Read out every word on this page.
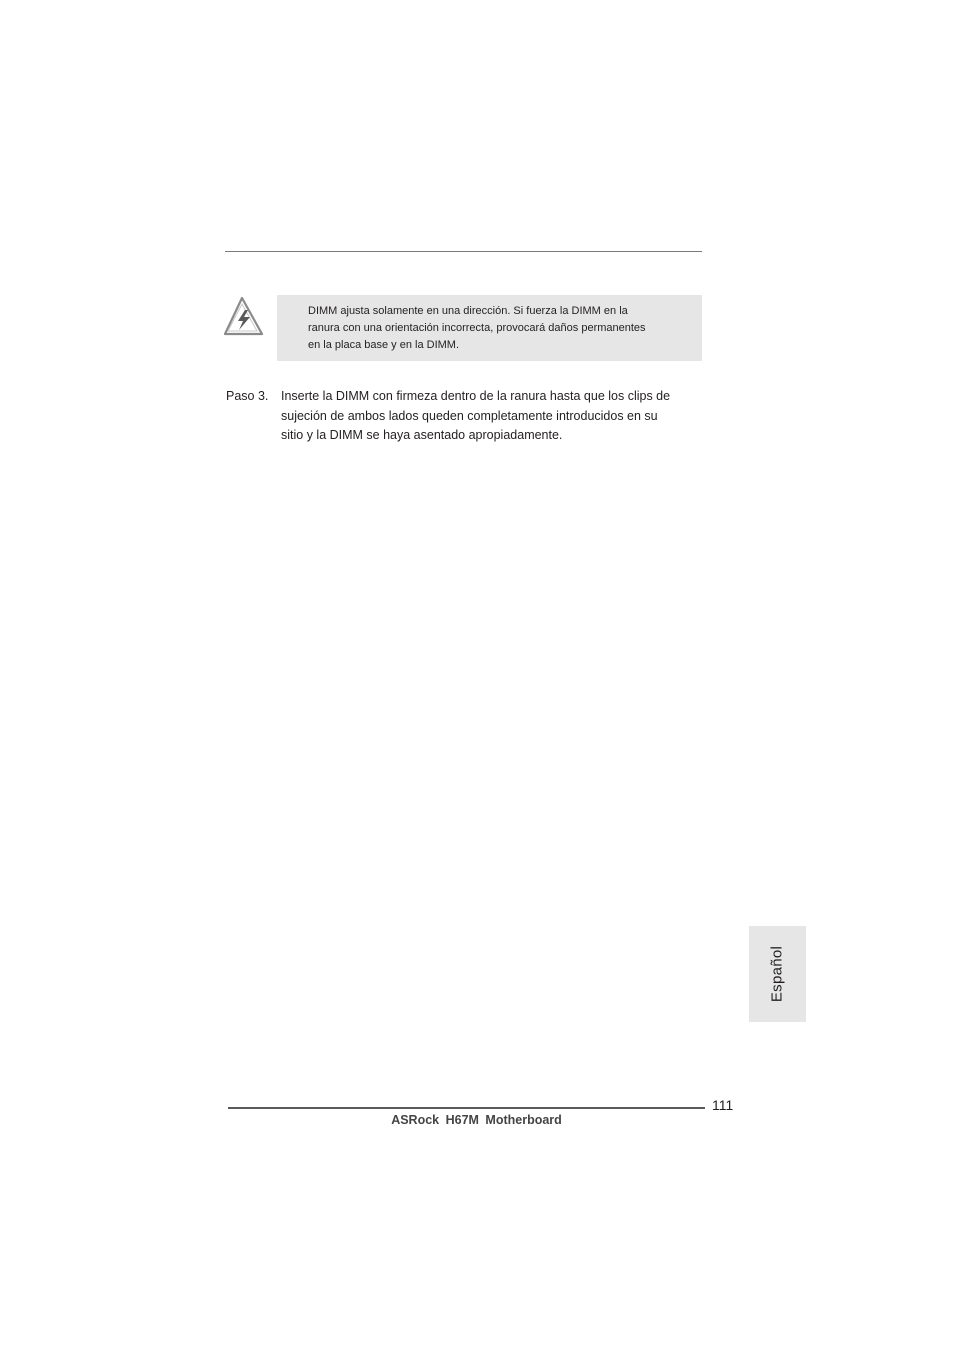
DIMM ajusta solamente en una dirección. Si fuerza la DIMM en la
ranura con una orientación incorrecta, provocará daños permanentes
en la placa base y en la DIMM.
Paso 3. Inserte la DIMM con firmeza dentro de la ranura hasta que los clips de
sujeción de ambos lados queden completamente introducidos en su
sitio y la DIMM se haya asentado apropiadamente.
Español
111
ASRock H67M Motherboard
